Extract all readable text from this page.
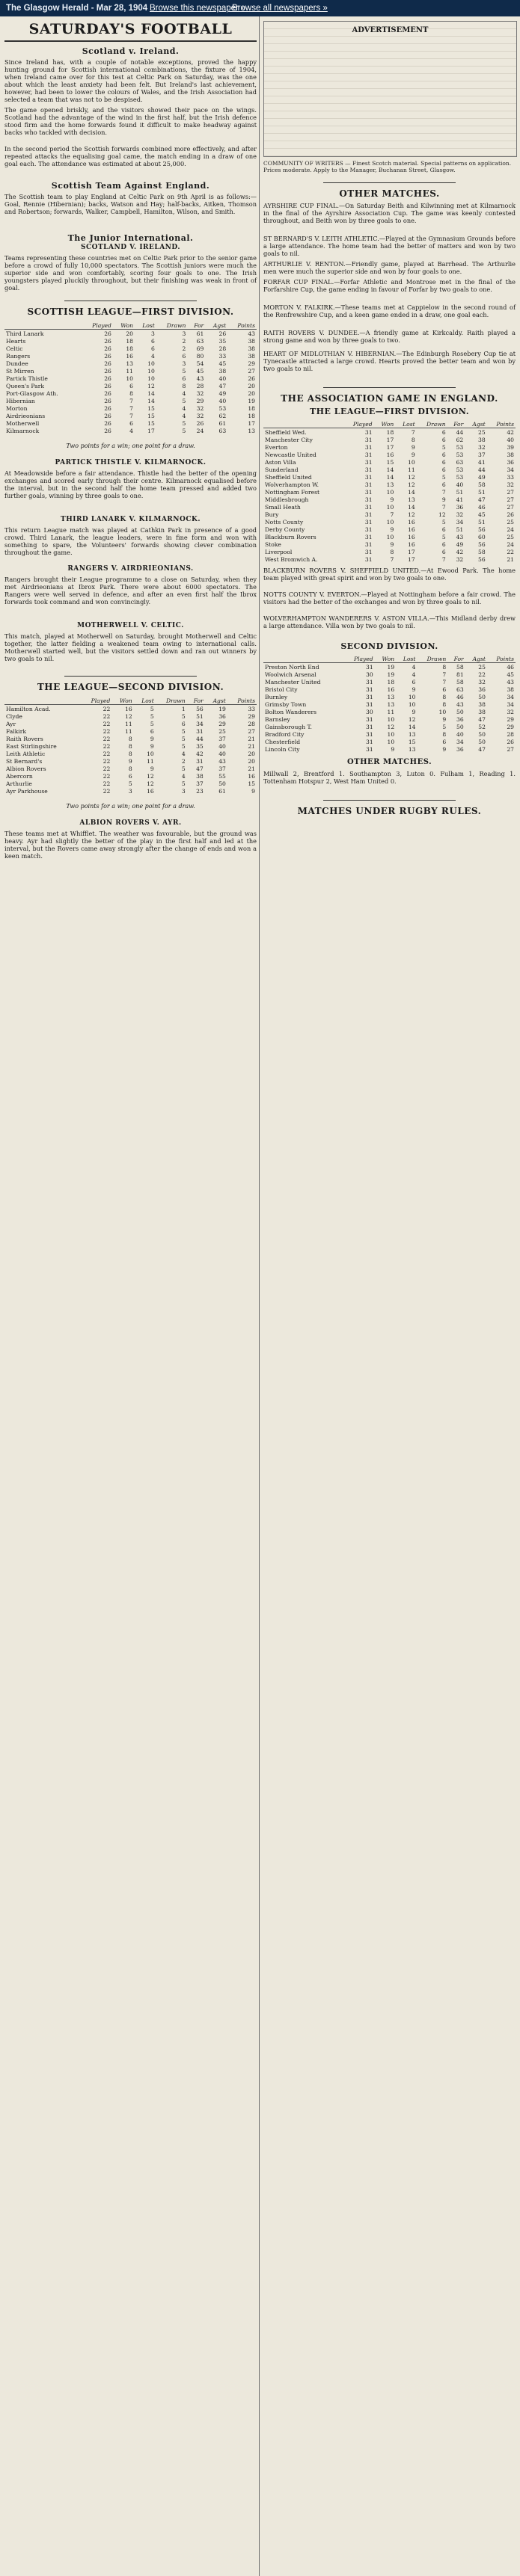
The Glasgow Herald - Mar 28, 1904 Browse this newspaper »
Browse all newspapers »
SATURDAY'S FOOTBALL
Scotland v. Ireland.
Since Ireland has, with a couple of notable exceptions, proved the happy hunting ground for Scottish international combinations, the fixture of 1904, when Ireland came over for this test at Celtic Park on Saturday, was the one about which the least anxiety had been felt. But Ireland's last achievement, however, had been to lower the colours of Wales, and the Irish Association had selected a team that was not to be despised.
The game opened briskly, and the visitors showed their pace on the wings. Scotland had the advantage of the wind in the first half, but the Irish defence stood firm and the home forwards found it difficult to make headway against backs who tackled with decision.
In the second period the Scottish forwards combined more effectively, and after repeated attacks the equalising goal came, the match ending in a draw of one goal each. The attendance was estimated at about 25,000.
Scottish Team Against England.
The Scottish team to play England at Celtic Park on 9th April is as follows:—Goal, Rennie (Hibernian); backs, Watson and Hay; half-backs, Aitken, Thomson and Robertson; forwards, Walker, Campbell, Hamilton, Wilson, and Smith.
The Junior International.
SCOTLAND V. IRELAND.
Teams representing these countries met on Celtic Park prior to the senior game before a crowd of fully 10,000 spectators. The Scottish juniors were much the superior side and won comfortably, scoring four goals to one. The Irish youngsters played pluckily throughout, but their finishing was weak in front of goal.
SCOTTISH LEAGUE—FIRST DIVISION.
	Played	Won	Lost	Drawn	For	Agst	Points
Third Lanark	26	20	3	3	61	26	43
Hearts	26	18	6	2	63	35	38
Celtic	26	18	6	2	69	28	38
Rangers	26	16	4	6	80	33	38
Dundee	26	13	10	3	54	45	29
St Mirren	26	11	10	5	45	38	27
Partick Thistle	26	10	10	6	43	40	26
Queen's Park	26	6	12	8	28	47	20
Port-Glasgow Ath.	26	8	14	4	32	49	20
Hibernian	26	7	14	5	29	40	19
Morton	26	7	15	4	32	53	18
Airdrieonians	26	7	15	4	32	62	18
Motherwell	26	6	15	5	26	61	17
Kilmarnock	26	4	17	5	24	63	13
Two points for a win; one point for a draw.
PARTICK THISTLE V. KILMARNOCK.
At Meadowside before a fair attendance. Thistle had the better of the opening exchanges and scored early through their centre. Kilmarnock equalised before the interval, but in the second half the home team pressed and added two further goals, winning by three goals to one.
THIRD LANARK V. KILMARNOCK.
This return League match was played at Cathkin Park in presence of a good crowd. Third Lanark, the league leaders, were in fine form and won with something to spare, the Volunteers' forwards showing clever combination throughout the game.
RANGERS V. AIRDRIEONIANS.
Rangers brought their League programme to a close on Saturday, when they met Airdrieonians at Ibrox Park. There were about 6000 spectators. The Rangers were well served in defence, and after an even first half the Ibrox forwards took command and won convincingly.
MOTHERWELL V. CELTIC.
This match, played at Motherwell on Saturday, brought Motherwell and Celtic together, the latter fielding a weakened team owing to international calls. Motherwell started well, but the visitors settled down and ran out winners by two goals to nil.
THE LEAGUE—SECOND DIVISION.
	Played	Won	Lost	Drawn	For	Agst	Points
Hamilton Acad.	22	16	5	1	56	19	33
Clyde	22	12	5	5	51	36	29
Ayr	22	11	5	6	34	29	28
Falkirk	22	11	6	5	31	25	27
Raith Rovers	22	8	9	5	44	37	21
East Stirlingshire	22	8	9	5	35	40	21
Leith Athletic	22	8	10	4	42	40	20
St Bernard's	22	9	11	2	31	43	20
Albion Rovers	22	8	9	5	47	37	21
Abercorn	22	6	12	4	38	55	16
Arthurlie	22	5	12	5	37	50	15
Ayr Parkhouse	22	3	16	3	23	61	9
Two points for a win; one point for a draw.
ALBION ROVERS V. AYR.
These teams met at Whifflet. The weather was favourable, but the ground was heavy. Ayr had slightly the better of the play in the first half and led at the interval, but the Rovers came away strongly after the change of ends and won a keen match.
ADVERTISEMENT
COMMUNITY OF WRITERS — Finest Scotch material. Special patterns on application. Prices moderate. Apply to the Manager, Buchanan Street, Glasgow.
OTHER MATCHES.
AYRSHIRE CUP FINAL.—On Saturday Beith and Kilwinning met at Kilmarnock in the final of the Ayrshire Association Cup. The game was keenly contested throughout, and Beith won by three goals to one.
ST BERNARD'S V. LEITH ATHLETIC.—Played at the Gymnasium Grounds before a large attendance. The home team had the better of matters and won by two goals to nil.
ARTHURLIE V. RENTON.—Friendly game, played at Barrhead. The Arthurlie men were much the superior side and won by four goals to one.
FORFAR CUP FINAL.—Forfar Athletic and Montrose met in the final of the Forfarshire Cup, the game ending in favour of Forfar by two goals to one.
MORTON V. FALKIRK.—These teams met at Cappielow in the second round of the Renfrewshire Cup, and a keen game ended in a draw, one goal each.
RAITH ROVERS V. DUNDEE.—A friendly game at Kirkcaldy. Raith played a strong game and won by three goals to two.
HEART OF MIDLOTHIAN V. HIBERNIAN.—The Edinburgh Rosebery Cup tie at Tynecastle attracted a large crowd. Hearts proved the better team and won by two goals to nil.
THE ASSOCIATION GAME IN ENGLAND.
THE LEAGUE—FIRST DIVISION.
	Played	Won	Lost	Drawn	For	Agst	Points
Sheffield Wed.	31	18	7	6	44	25	42
Manchester City	31	17	8	6	62	38	40
Everton	31	17	9	5	53	32	39
Newcastle United	31	16	9	6	53	37	38
Aston Villa	31	15	10	6	63	41	36
Sunderland	31	14	11	6	53	44	34
Sheffield United	31	14	12	5	53	49	33
Wolverhampton W.	31	13	12	6	40	58	32
Nottingham Forest	31	10	14	7	51	51	27
Middlesbrough	31	9	13	9	41	47	27
Small Heath	31	10	14	7	36	46	27
Bury	31	7	12	12	32	45	26
Notts County	31	10	16	5	34	51	25
Derby County	31	9	16	6	51	56	24
Blackburn Rovers	31	10	16	5	43	60	25
Stoke	31	9	16	6	49	56	24
Liverpool	31	8	17	6	42	58	22
West Bromwich A.	31	7	17	7	32	56	21
BLACKBURN ROVERS V. SHEFFIELD UNITED.—At Ewood Park. The home team played with great spirit and won by two goals to one.
NOTTS COUNTY V. EVERTON.—Played at Nottingham before a fair crowd. The visitors had the better of the exchanges and won by three goals to nil.
WOLVERHAMPTON WANDERERS V. ASTON VILLA.—This Midland derby drew a large attendance. Villa won by two goals to nil.
SECOND DIVISION.
	Played	Won	Lost	Drawn	For	Agst	Points
Preston North End	31	19	4	8	58	25	46
Woolwich Arsenal	30	19	4	7	81	22	45
Manchester United	31	18	6	7	58	32	43
Bristol City	31	16	9	6	63	36	38
Burnley	31	13	10	8	46	50	34
Grimsby Town	31	13	10	8	43	38	34
Bolton Wanderers	30	11	9	10	50	38	32
Barnsley	31	10	12	9	36	47	29
Gainsborough T.	31	12	14	5	50	52	29
Bradford City	31	10	13	8	40	50	28
Chesterfield	31	10	15	6	34	50	26
Lincoln City	31	9	13	9	36	47	27
OTHER MATCHES.
Millwall 2, Brentford 1. Southampton 3, Luton 0. Fulham 1, Reading 1. Tottenham Hotspur 2, West Ham United 0.
MATCHES UNDER RUGBY RULES.
